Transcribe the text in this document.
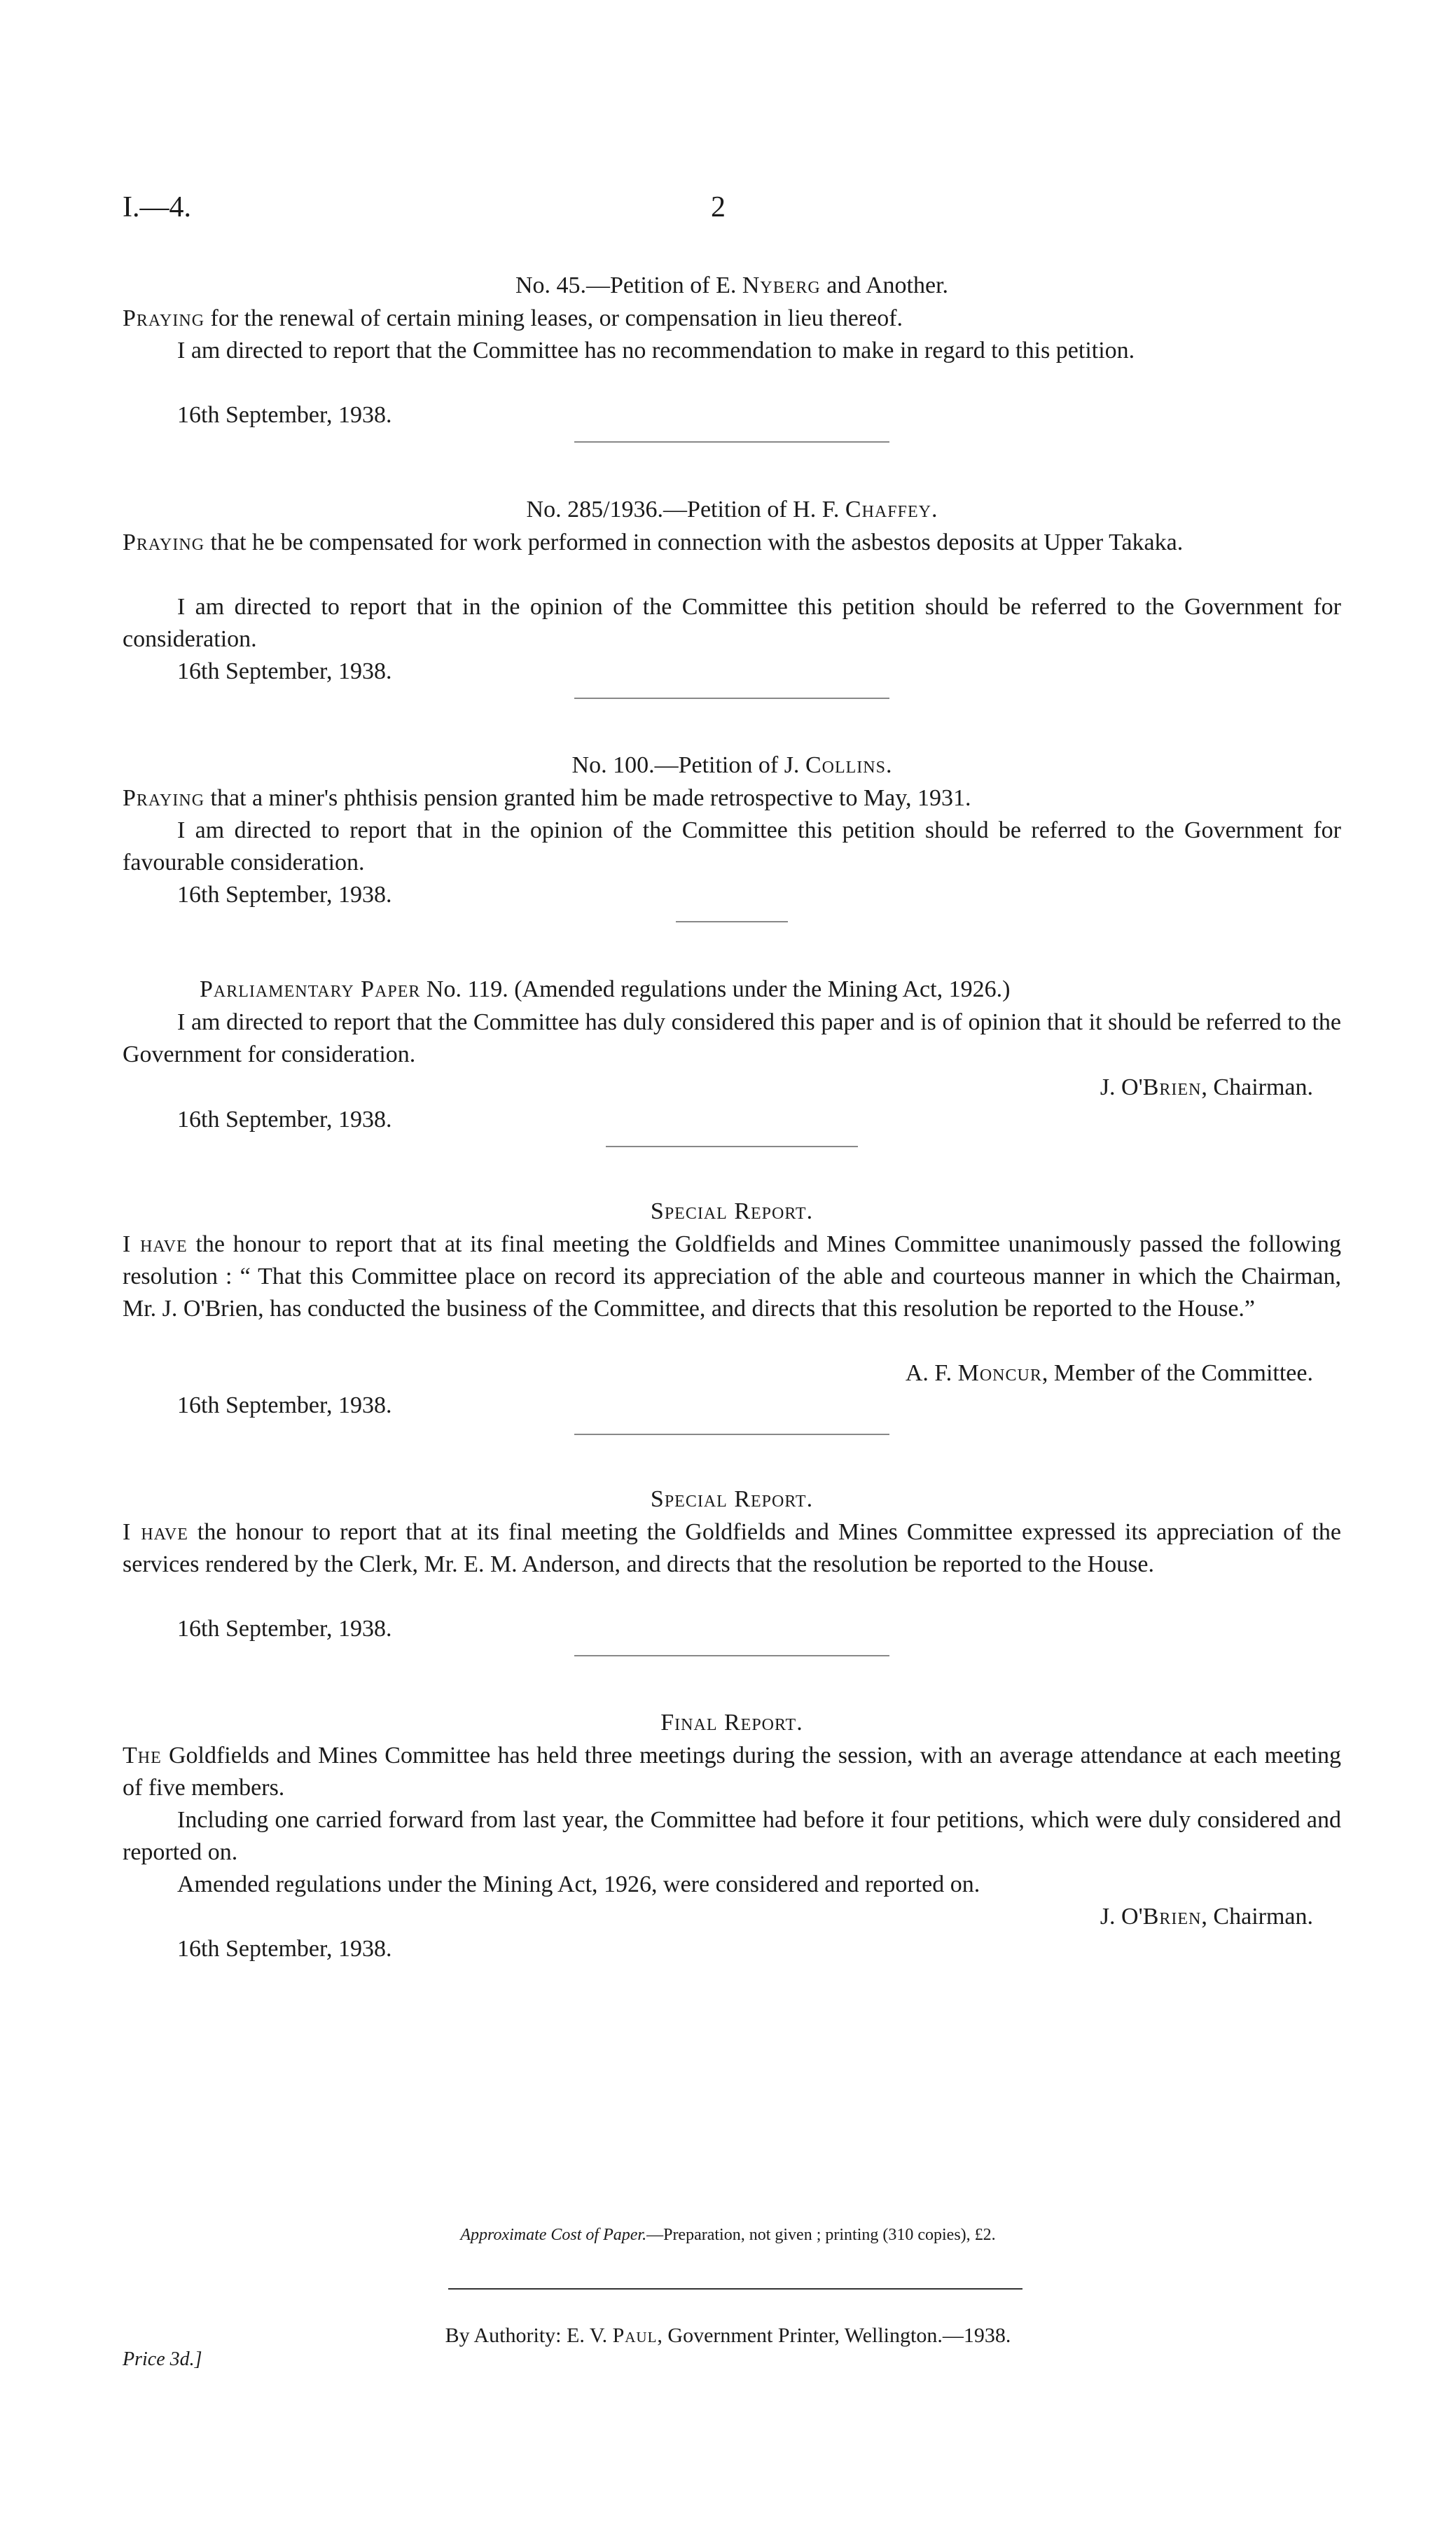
I.—4.	2
No. 45.—Petition of E. Nyberg and Another.
Praying for the renewal of certain mining leases, or compensation in lieu thereof.
I am directed to report that the Committee has no recommendation to make in regard to this petition.
16th September, 1938.
No. 285/1936.—Petition of H. F. Chaffey.
Praying that he be compensated for work performed in connection with the asbestos deposits at Upper Takaka.
I am directed to report that in the opinion of the Committee this petition should be referred to the Government for consideration.
16th September, 1938.
No. 100.—Petition of J. Collins.
Praying that a miner's phthisis pension granted him be made retrospective to May, 1931.
I am directed to report that in the opinion of the Committee this petition should be referred to the Government for favourable consideration.
16th September, 1938.
Parliamentary Paper No. 119. (Amended regulations under the Mining Act, 1926.)
I am directed to report that the Committee has duly considered this paper and is of opinion that it should be referred to the Government for consideration.
J. O'Brien, Chairman.
16th September, 1938.
Special Report.
I have the honour to report that at its final meeting the Goldfields and Mines Committee unanimously passed the following resolution : “ That this Committee place on record its appreciation of the able and courteous manner in which the Chairman, Mr. J. O'Brien, has conducted the business of the Committee, and directs that this resolution be reported to the House.”
A. F. Moncur, Member of the Committee.
16th September, 1938.
Special Report.
I have the honour to report that at its final meeting the Goldfields and Mines Committee expressed its appreciation of the services rendered by the Clerk, Mr. E. M. Anderson, and directs that the resolution be reported to the House.
16th September, 1938.
Final Report.
The Goldfields and Mines Committee has held three meetings during the session, with an average attendance at each meeting of five members.
Including one carried forward from last year, the Committee had before it four petitions, which were duly considered and reported on.
Amended regulations under the Mining Act, 1926, were considered and reported on.
J. O'Brien, Chairman.
16th September, 1938.
Approximate Cost of Paper.—Preparation, not given ; printing (310 copies), £2.
By Authority: E. V. Paul, Government Printer, Wellington.—1938.
Price 3d.]
